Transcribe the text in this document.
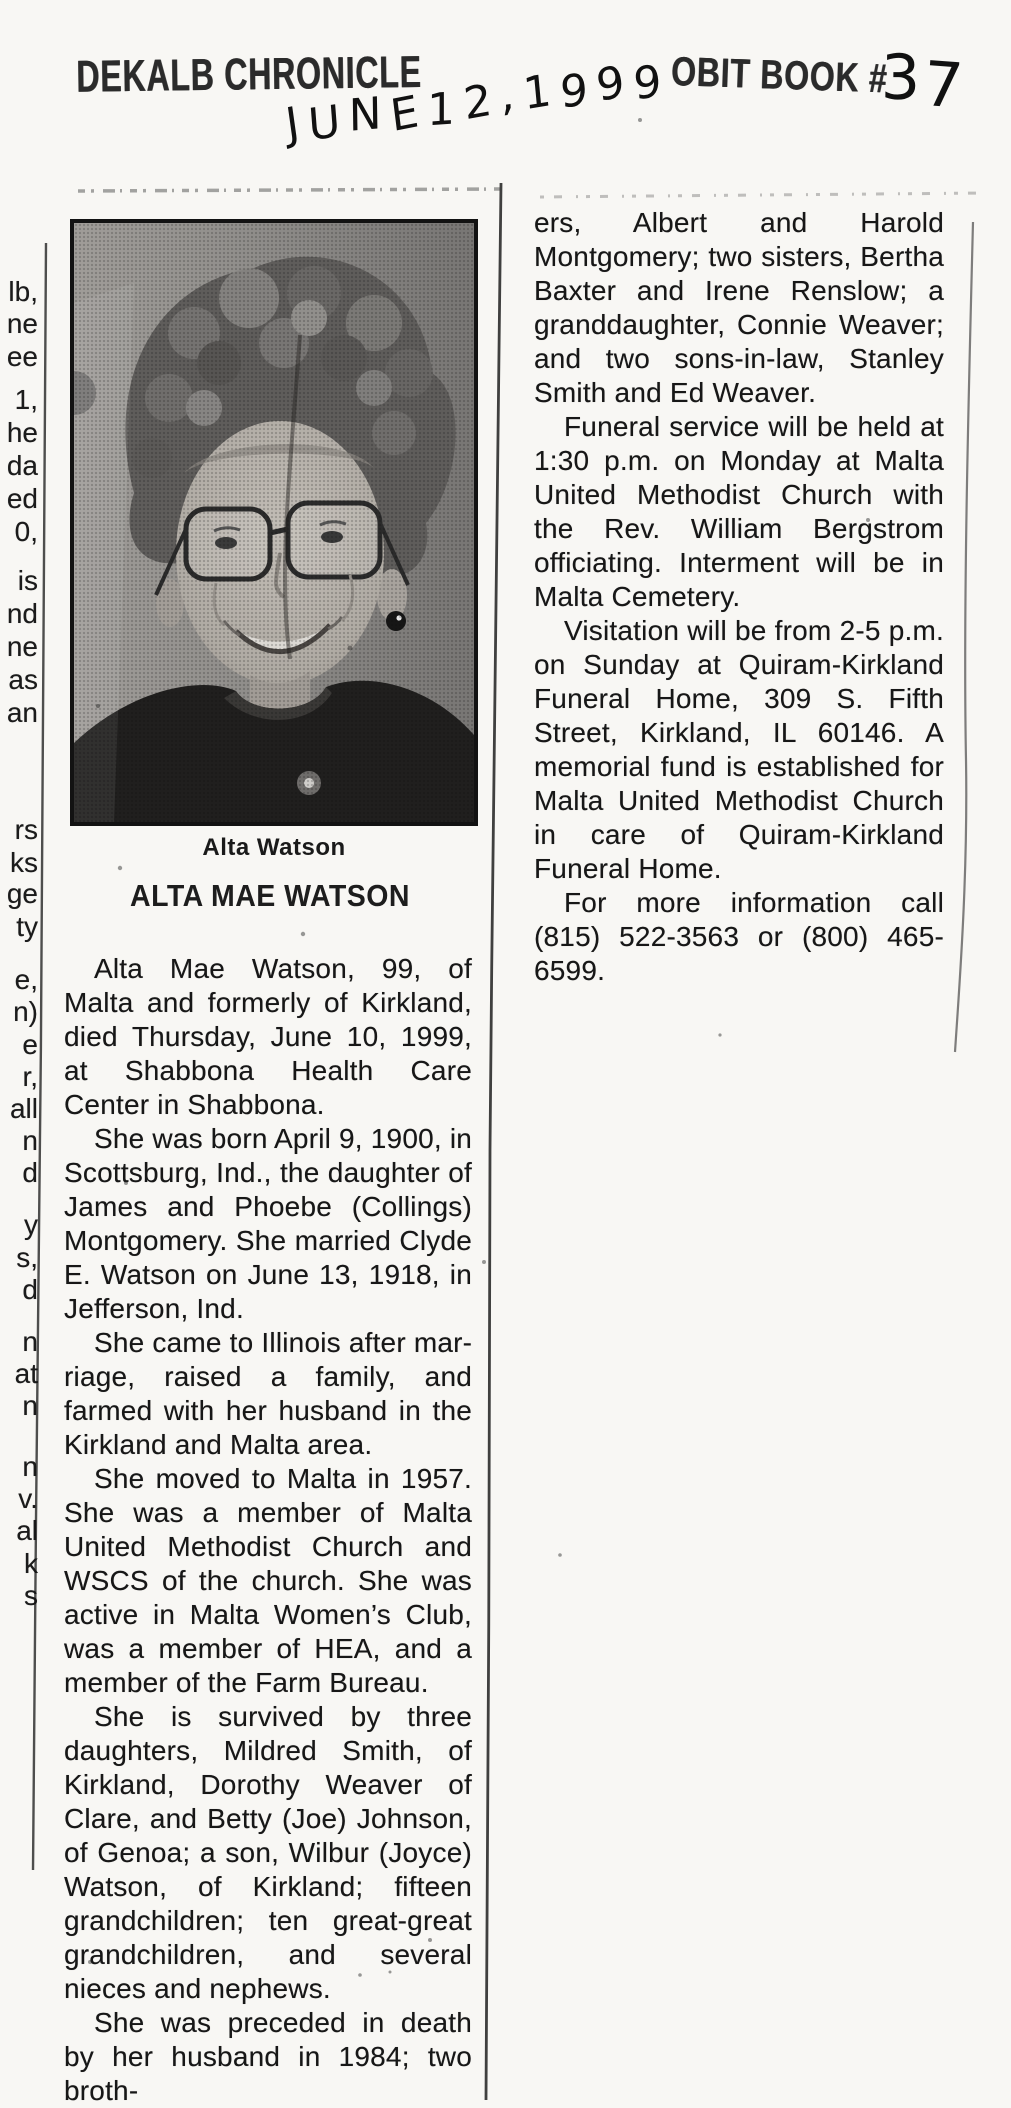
DEKALB CHRONICLE	OBIT BOOK #
37
JUNE12,1999
Alta Watson
ALTA MAE WATSON

Alta Mae Watson, 99, of Malta and formerly of Kirkland, died Thursday, June 10, 1999, at Shabbona Health Care Center in Shabbona.

She was born April 9, 1900, in Scottsburg, Ind., the daughter of James and Phoebe (Collings) Montgomery. She married Clyde E. Watson on June 13, 1918, in Jefferson, Ind.

She came to Illinois after marriage, raised a family, and farmed with her husband in the Kirkland and Malta area.

She moved to Malta in 1957. She was a member of Malta United Methodist Church and WSCS of the church. She was active in Malta Women’s Club, was a member of HEA, and a member of the Farm Bureau.

She is survived by three daughters, Mildred Smith, of Kirkland, Dorothy Weaver of Clare, and Betty (Joe) Johnson, of Genoa; a son, Wilbur (Joyce) Watson, of Kirkland; fifteen grandchildren; ten great-great grandchildren, and several nieces and nephews.

She was preceded in death by her husband in 1984; two broth-

ers, Albert and Harold Montgomery; two sisters, Bertha Baxter and Irene Renslow; a granddaughter, Connie Weaver; and two sons-in-law, Stanley Smith and Ed Weaver.

Funeral service will be held at 1:30 p.m. on Monday at Malta United Methodist Church with the Rev. William Bergstrom officiating. Interment will be in Malta Cemetery.

Visitation will be from 2-5 p.m. on Sunday at Quiram-Kirkland Funeral Home, 309 S. Fifth Street, Kirkland, IL 60146. A memorial fund is established for Malta United Methodist Church in care of Quiram-Kirkland Funeral Home.

For more information call (815) 522-3563 or (800) 465-6599.

lb,
ne
ee
1,
he
da
ed
0,
is
nd
ne
as
an
rs
ks
ge
ty
e,
n)
e
r,
all
n
d
y
s,
d
n
at
n
n
v.
al
k
s
